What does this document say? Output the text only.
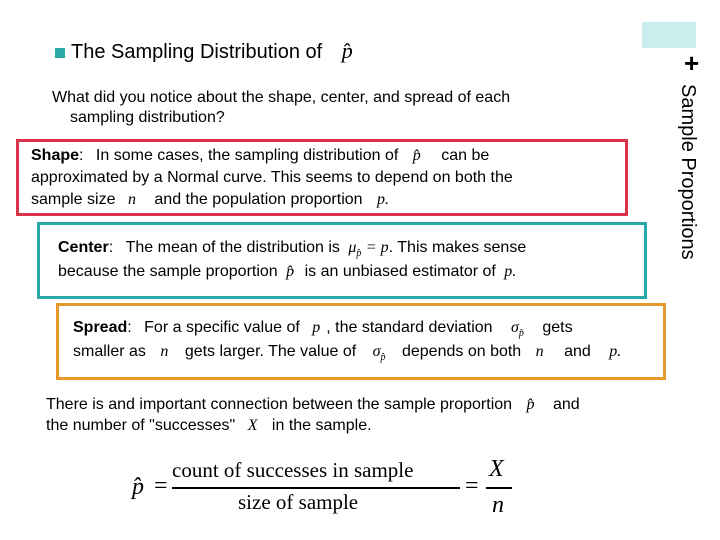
+
Sample Proportions
The Sampling Distribution of p̂
What did you notice about the shape, center, and spread of each
sampling distribution?
Shape: In some cases, the sampling distribution of p̂ can be
approximated by a Normal curve. This seems to depend on both the
sample size n and the population proportion p.
Center: The mean of the distribution is $\mu_{p̂} = p$. This makes sense
because the sample proportion p̂ is an unbiased estimator of p.
Spread: For a specific value of p , the standard deviation $\sigma_{p̂}$ gets
smaller as n gets larger. The value of $\sigma_{p̂}$ depends on both n and p.
There is and important connection between the sample proportion p̂ and
the number of "successes" X in the sample.
p̂ =
count of successes in sample
size of sample
=
X
n
